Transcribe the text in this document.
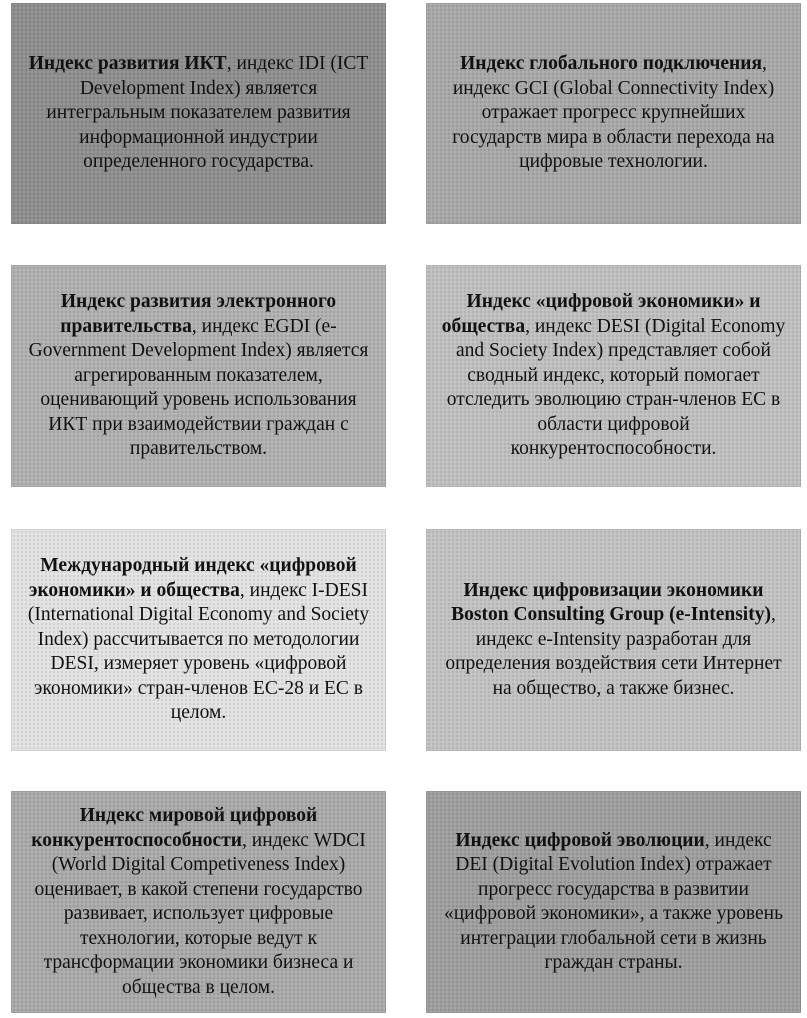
Индекс развития ИКТ, индекс IDI (ICT Development Index) является интегральным показателем развития информационной индустрии определенного государства.
Индекс глобального подключения, индекс GCI (Global Connectivity Index) отражает прогресс крупнейших государств мира в области перехода на цифровые технологии.
Индекс развития электронного правительства, индекс EGDI (e-Government Development Index) является агрегированным показателем, оценивающий уровень использования ИКТ при взаимодействии граждан с правительством.
Индекс «цифровой экономики» и общества, индекс DESI (Digital Economy and Society Index) представляет собой сводный индекс, который помогает отследить эволюцию стран-членов ЕС в области цифровой конкурентоспособности.
Международный индекс «цифровой экономики» и общества, индекс I-DESI (International Digital Economy and Society Index) рассчитывается по методологии DESI, измеряет уровень «цифровой экономики» стран-членов ЕС-28 и ЕС в целом.
Индекс цифровизации экономики Boston Consulting Group (e-Intensity), индекс e-Intensity разработан для определения воздействия сети Интернет на общество, а также бизнес.
Индекс мировой цифровой конкурентоспособности, индекс WDCI (World Digital Competiveness Index) оценивает, в какой степени государство развивает, использует цифровые технологии, которые ведут к трансформации экономики бизнеса и общества в целом.
Индекс цифровой эволюции, индекс DEI (Digital Evolution Index) отражает прогресс государства в развитии «цифровой экономики», а также уровень интеграции глобальной сети в жизнь граждан страны.
